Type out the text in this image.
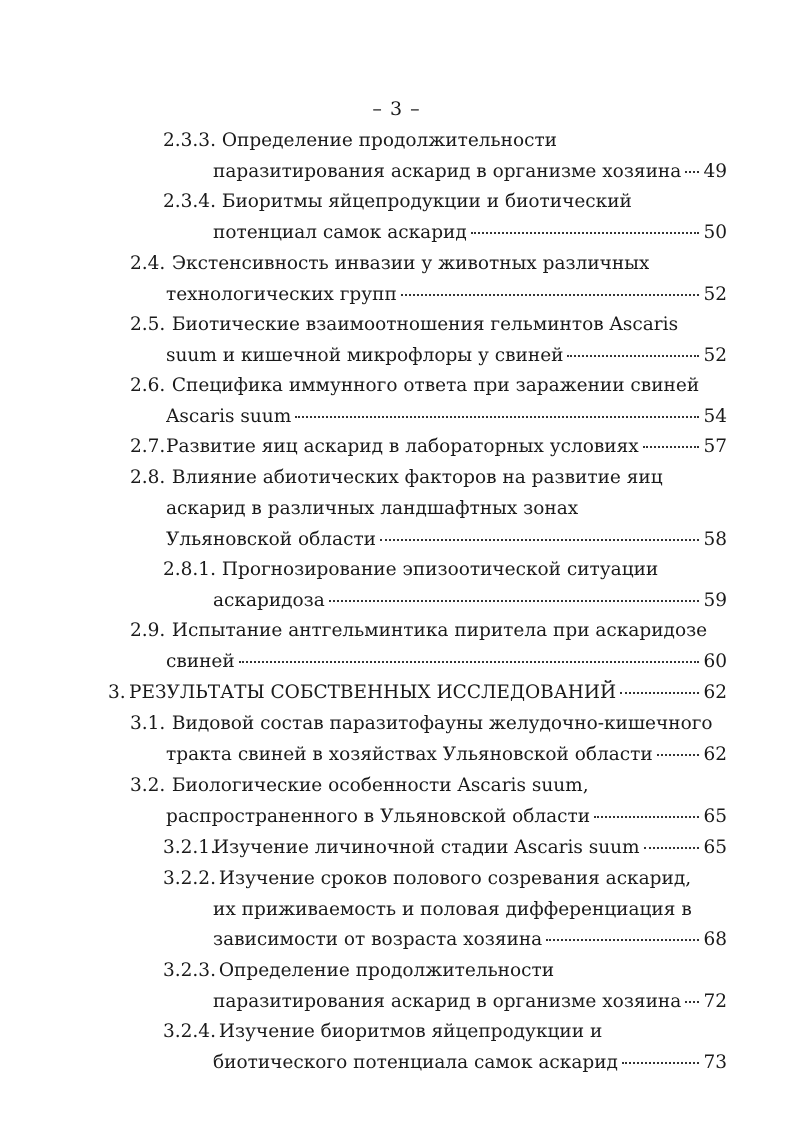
– 3 –
2.3.3. Определение продолжительности
паразитирования аскарид в организме хозяина 49
2.3.4. Биоритмы яйцепродукции и биотический
потенциал самок аскарид	50
2.4. Экстенсивность инвазии у животных различных
технологических групп	52
2.5. Биотические взаимоотношения гельминтов Ascaris
suum и кишечной микрофлоры у свиней	52
2.6. Специфика иммунного ответа при заражении свиней
Ascaris suum	54
2.7. Развитие яиц аскарид в лабораторных условиях	57
2.8. Влияние абиотических факторов на развитие яиц
аскарид в различных ландшафтных зонах
Ульяновской области	58
2.8.1. Прогнозирование эпизоотической ситуации
аскаридоза	59
2.9. Испытание антгельминтика пиритела при аскаридозе
свиней	60
3. РЕЗУЛЬТАТЫ СОБСТВЕННЫХ ИССЛЕДОВАНИЙ	62
3.1. Видовой состав паразитофауны желудочно-кишечного
тракта свиней в хозяйствах Ульяновской области	62
3.2. Биологические особенности Ascaris suum,
распространенного в Ульяновской области	65
3.2.1.
Изучение личиночной стадии Ascaris suum	65
3.2.2. Изучение сроков полового созревания аскарид,
их приживаемость и половая дифференциация в
зависимости от возраста хозяина	68
3.2.3. Определение продолжительности
паразитирования аскарид в организме хозяина 72
3.2.4. Изучение биоритмов яйцепродукции и
биотического потенциала самок аскарид	73
